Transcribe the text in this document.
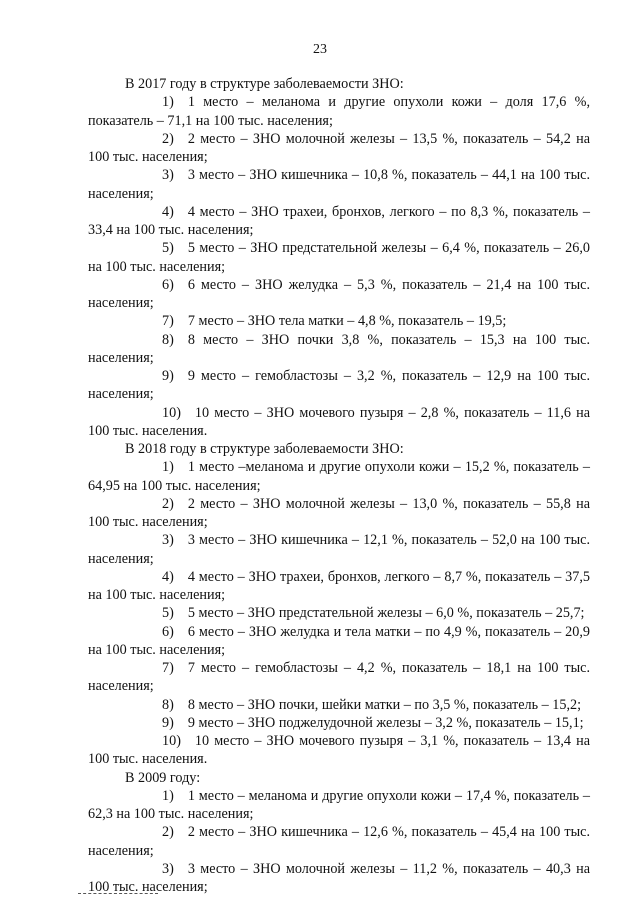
23

В 2017 году в структуре заболеваемости ЗНО:

1) 1 место – меланома и другие опухоли кожи – доля 17,6 %, показатель – 71,1 на 100 тыс. населения;

2) 2 место – ЗНО молочной железы – 13,5 %, показатель – 54,2 на 100 тыс. населения;

3) 3 место – ЗНО кишечника – 10,8 %, показатель – 44,1 на 100 тыс. населения;

4) 4 место – ЗНО трахеи, бронхов, легкого – по 8,3 %, показатель – 33,4 на 100 тыс. населения;

5) 5 место – ЗНО предстательной железы – 6,4 %, показатель – 26,0 на 100 тыс. населения;

6) 6 место – ЗНО желудка – 5,3 %, показатель – 21,4 на 100 тыс. населения;

7) 7 место – ЗНО тела матки – 4,8 %, показатель – 19,5;

8) 8 место – ЗНО почки 3,8 %, показатель – 15,3 на 100 тыс. населения;

9) 9 место – гемобластозы – 3,2 %, показатель – 12,9 на 100 тыс. населения;

10) 10 место – ЗНО мочевого пузыря – 2,8 %, показатель – 11,6 на 100 тыс. населения.

В 2018 году в структуре заболеваемости ЗНО:

1) 1 место –меланома и другие опухоли кожи – 15,2 %, показатель – 64,95 на 100 тыс. населения;

2) 2 место – ЗНО молочной железы – 13,0 %, показатель – 55,8 на 100 тыс. населения;

3) 3 место – ЗНО кишечника – 12,1 %, показатель – 52,0 на 100 тыс. населения;

4) 4 место – ЗНО трахеи, бронхов, легкого – 8,7 %, показатель – 37,5 на 100 тыс. населения;

5) 5 место – ЗНО предстательной железы – 6,0 %, показатель – 25,7;

6) 6 место – ЗНО желудка и тела матки – по 4,9 %, показатель – 20,9 на 100 тыс. населения;

7) 7 место – гемобластозы – 4,2 %, показатель – 18,1 на 100 тыс. населения;

8) 8 место – ЗНО почки, шейки матки – по 3,5 %, показатель – 15,2;

9) 9 место – ЗНО поджелудочной железы – 3,2 %, показатель – 15,1;

10) 10 место – ЗНО мочевого пузыря – 3,1 %, показатель – 13,4 на 100 тыс. населения.

В 2009 году:

1) 1 место – меланома и другие опухоли кожи – 17,4 %, показатель – 62,3 на 100 тыс. населения;

2) 2 место – ЗНО кишечника – 12,6 %, показатель – 45,4 на 100 тыс. населения;

3) 3 место – ЗНО молочной железы – 11,2 %, показатель – 40,3 на 100 тыс. населения;
